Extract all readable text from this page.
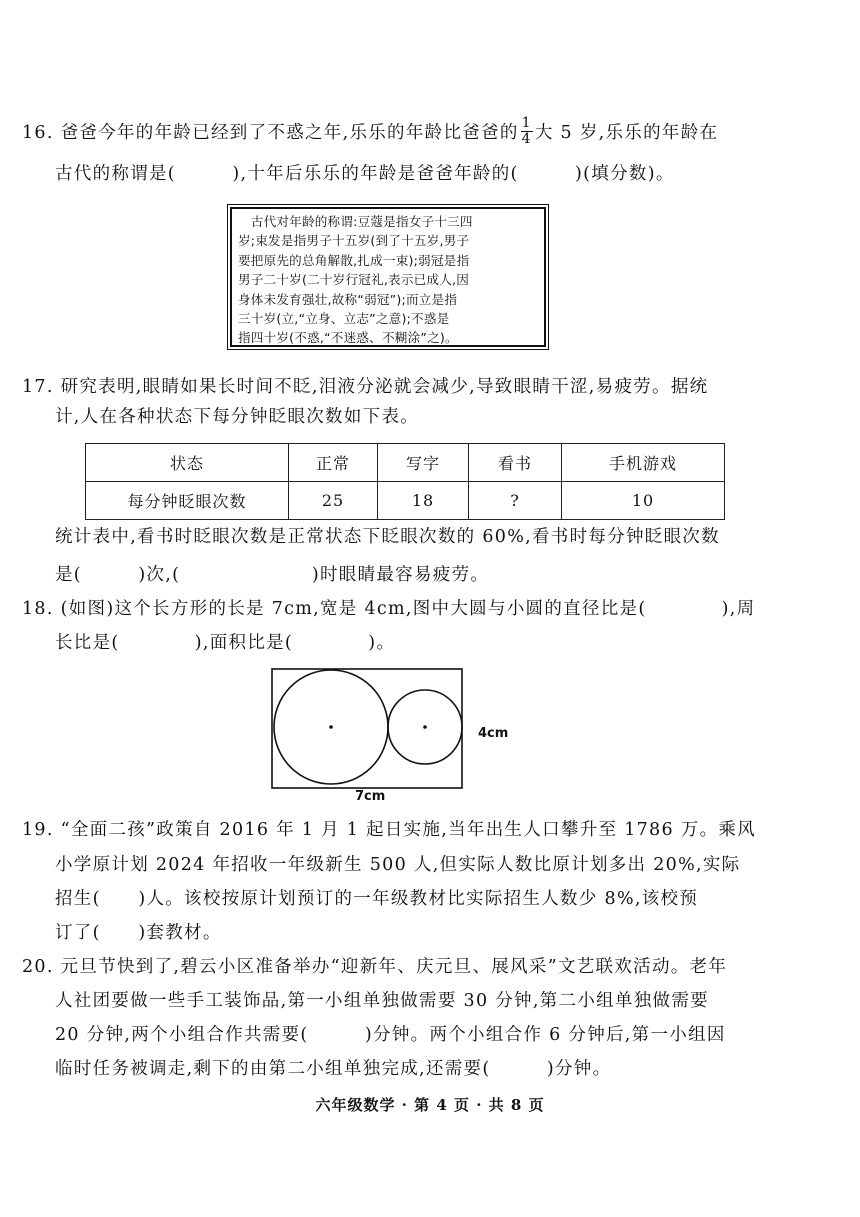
16. 爸爸今年的年龄已经到了不惑之年,乐乐的年龄比爸爸的 $\frac{1}{4}$ 大 5 岁,乐乐的年龄在
古代的称谓是(　　　),十年后乐乐的年龄是爸爸年龄的(　　　)(填分数)。
　古代对年龄的称谓:豆蔻是指女子十三四
岁;束发是指男子十五岁(到了十五岁,男子
要把原先的总角解散,扎成一束);弱冠是指
男子二十岁(二十岁行冠礼,表示已成人,因
身体未发育强壮,故称“弱冠”);而立是指
三十岁(立,“立身、立志”之意);不惑是
指四十岁(不惑,“不迷惑、不糊涂”之)。
17. 研究表明,眼睛如果长时间不眨,泪液分泌就会减少,导致眼睛干涩,易疲劳。据统
计,人在各种状态下每分钟眨眼次数如下表。
状态	正常	写字	看书	手机游戏
每分钟眨眼次数	25	18	?	10
统计表中,看书时眨眼次数是正常状态下眨眼次数的 60%,看书时每分钟眨眼次数
是(　　　)次,(　　　　　　　)时眼睛最容易疲劳。
18. (如图)这个长方形的长是 7cm,宽是 4cm,图中大圆与小圆的直径比是(　　　　),周
长比是(　　　　),面积比是(　　　　)。
4cm
7cm
19. “全面二孩”政策自 2016 年 1 月 1 起日实施,当年出生人口攀升至 1786 万。乘风
小学原计划 2024 年招收一年级新生 500 人,但实际人数比原计划多出 20%,实际
招生(　　)人。该校按原计划预订的一年级教材比实际招生人数少 8%,该校预
订了(　　)套教材。
20. 元旦节快到了,碧云小区准备举办“迎新年、庆元旦、展风采”文艺联欢活动。老年
人社团要做一些手工装饰品,第一小组单独做需要 30 分钟,第二小组单独做需要
20 分钟,两个小组合作共需要(　　　)分钟。两个小组合作 6 分钟后,第一小组因
临时任务被调走,剩下的由第二小组单独完成,还需要(　　　)分钟。
六年级数学 · 第 4 页 · 共 8 页
